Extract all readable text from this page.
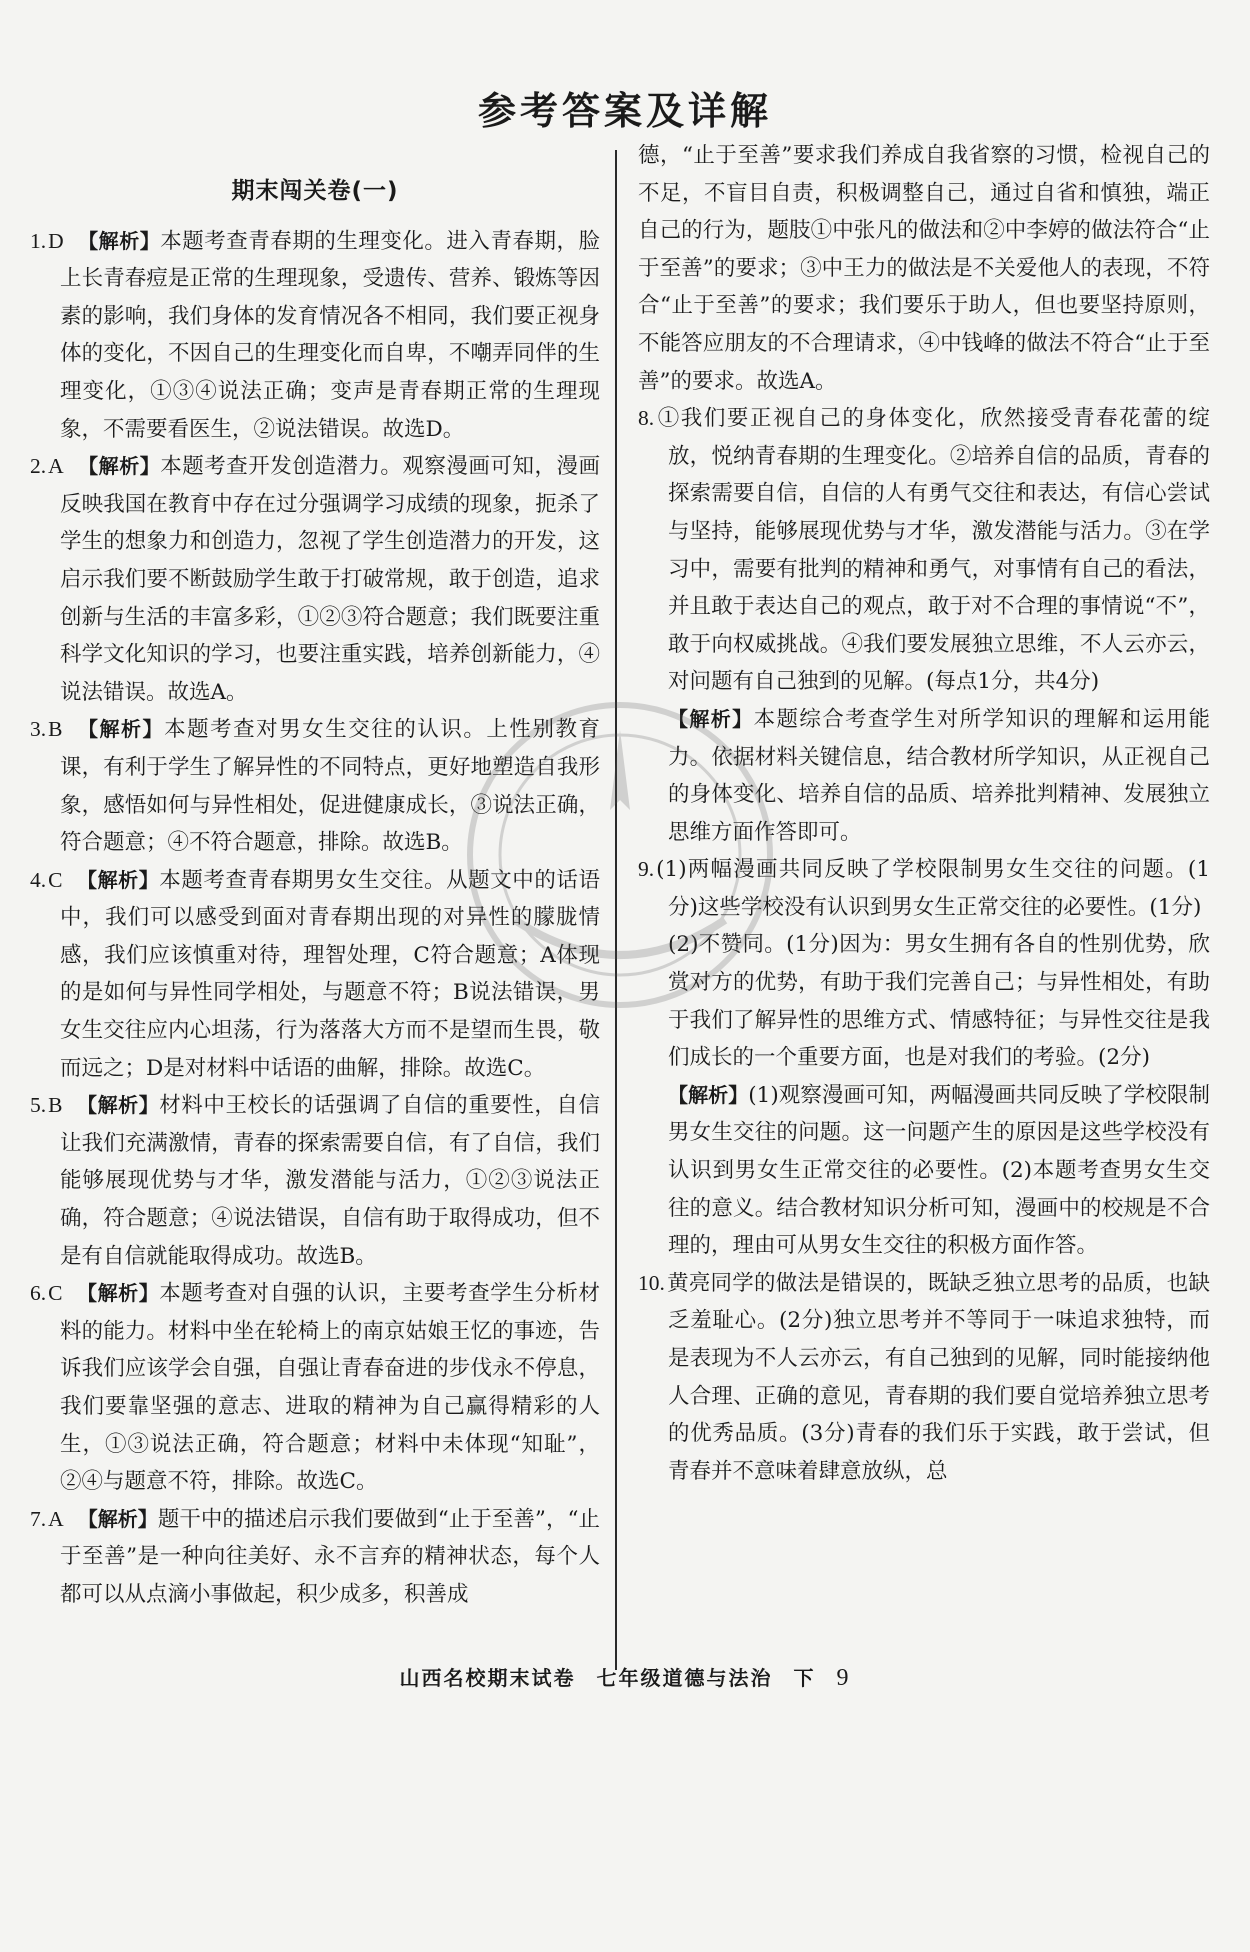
参考答案及详解
期末闯关卷(一)

1.D 【解析】本题考查青春期的生理变化。进入青春期，脸上长青春痘是正常的生理现象，受遗传、营养、锻炼等因素的影响，我们身体的发育情况各不相同，我们要正视身体的变化，不因自己的生理变化而自卑，不嘲弄同伴的生理变化，①③④说法正确；变声是青春期正常的生理现象，不需要看医生，②说法错误。故选D。

2.A 【解析】本题考查开发创造潜力。观察漫画可知，漫画反映我国在教育中存在过分强调学习成绩的现象，扼杀了学生的想象力和创造力，忽视了学生创造潜力的开发，这启示我们要不断鼓励学生敢于打破常规，敢于创造，追求创新与生活的丰富多彩，①②③符合题意；我们既要注重科学文化知识的学习，也要注重实践，培养创新能力，④说法错误。故选A。

3.B 【解析】本题考查对男女生交往的认识。上性别教育课，有利于学生了解异性的不同特点，更好地塑造自我形象，感悟如何与异性相处，促进健康成长，③说法正确，符合题意；④不符合题意，排除。故选B。

4.C 【解析】本题考查青春期男女生交往。从题文中的话语中，我们可以感受到面对青春期出现的对异性的朦胧情感，我们应该慎重对待，理智处理，C符合题意；A体现的是如何与异性同学相处，与题意不符；B说法错误，男女生交往应内心坦荡，行为落落大方而不是望而生畏，敬而远之；D是对材料中话语的曲解，排除。故选C。

5.B 【解析】材料中王校长的话强调了自信的重要性，自信让我们充满激情，青春的探索需要自信，有了自信，我们能够展现优势与才华，激发潜能与活力，①②③说法正确，符合题意；④说法错误，自信有助于取得成功，但不是有自信就能取得成功。故选B。

6.C 【解析】本题考查对自强的认识，主要考查学生分析材料的能力。材料中坐在轮椅上的南京姑娘王忆的事迹，告诉我们应该学会自强，自强让青春奋进的步伐永不停息，我们要靠坚强的意志、进取的精神为自己赢得精彩的人生，①③说法正确，符合题意；材料中未体现“知耻”，②④与题意不符，排除。故选C。

7.A 【解析】题干中的描述启示我们要做到“止于至善”，“止于至善”是一种向往美好、永不言弃的精神状态，每个人都可以从点滴小事做起，积少成多，积善成

德，“止于至善”要求我们养成自我省察的习惯，检视自己的不足，不盲目自责，积极调整自己，通过自省和慎独，端正自己的行为，题肢①中张凡的做法和②中李婷的做法符合“止于至善”的要求；③中王力的做法是不关爱他人的表现，不符合“止于至善”的要求；我们要乐于助人，但也要坚持原则，不能答应朋友的不合理请求，④中钱峰的做法不符合“止于至善”的要求。故选A。

8.①我们要正视自己的身体变化，欣然接受青春花蕾的绽放，悦纳青春期的生理变化。②培养自信的品质，青春的探索需要自信，自信的人有勇气交往和表达，有信心尝试与坚持，能够展现优势与才华，激发潜能与活力。③在学习中，需要有批判的精神和勇气，对事情有自己的看法，并且敢于表达自己的观点，敢于对不合理的事情说“不”，敢于向权威挑战。④我们要发展独立思维，不人云亦云，对问题有自己独到的见解。(每点1分，共4分)

【解析】本题综合考查学生对所学知识的理解和运用能力。依据材料关键信息，结合教材所学知识，从正视自己的身体变化、培养自信的品质、培养批判精神、发展独立思维方面作答即可。

9.(1)两幅漫画共同反映了学校限制男女生交往的问题。(1分)这些学校没有认识到男女生正常交往的必要性。(1分)

(2)不赞同。(1分)因为：男女生拥有各自的性别优势，欣赏对方的优势，有助于我们完善自己；与异性相处，有助于我们了解异性的思维方式、情感特征；与异性交往是我们成长的一个重要方面，也是对我们的考验。(2分)

【解析】(1)观察漫画可知，两幅漫画共同反映了学校限制男女生交往的问题。这一问题产生的原因是这些学校没有认识到男女生正常交往的必要性。(2)本题考查男女生交往的意义。结合教材知识分析可知，漫画中的校规是不合理的，理由可从男女生交往的积极方面作答。

10.黄亮同学的做法是错误的，既缺乏独立思考的品质，也缺乏羞耻心。(2分)独立思考并不等同于一味追求独特，而是表现为不人云亦云，有自己独到的见解，同时能接纳他人合理、正确的意见，青春期的我们要自觉培养独立思考的优秀品质。(3分)青春的我们乐于实践，敢于尝试，但青春并不意味着肆意放纵，总

山西名校期末试卷 七年级道德与法治 下 9
